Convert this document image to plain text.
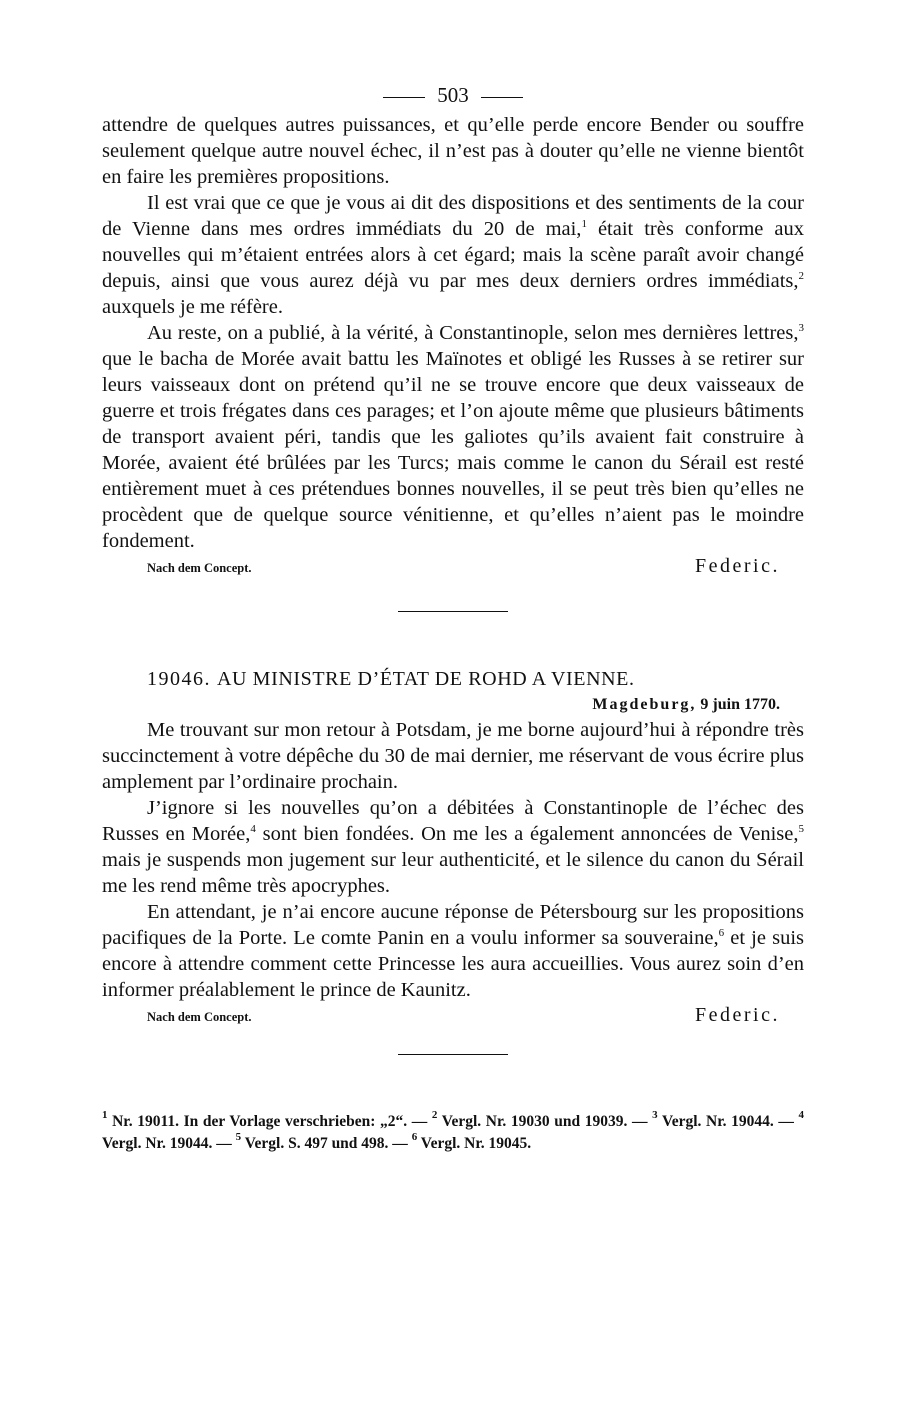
503

attendre de quelques autres puissances, et qu’elle perde encore Bender ou souffre seulement quelque autre nouvel échec, il n’est pas à douter qu’elle ne vienne bientôt en faire les premières propositions.

Il est vrai que ce que je vous ai dit des dispositions et des sentiments de la cour de Vienne dans mes ordres immédiats du 20 de mai,$^1$ était très conforme aux nouvelles qui m’étaient entrées alors à cet égard; mais la scène paraît avoir changé depuis, ainsi que vous aurez déjà vu par mes deux derniers ordres immédiats,$^2$ auxquels je me réfère.

Au reste, on a publié, à la vérité, à Constantinople, selon mes dernières lettres,$^3$ que le bacha de Morée avait battu les Maïnotes et obligé les Russes à se retirer sur leurs vaisseaux dont on prétend qu’il ne se trouve encore que deux vaisseaux de guerre et trois frégates dans ces parages; et l’on ajoute même que plusieurs bâtiments de transport avaient péri, tandis que les galiotes qu’ils avaient fait construire à Morée, avaient été brûlées par les Turcs; mais comme le canon du Sérail est resté entièrement muet à ces prétendues bonnes nouvelles, il se peut très bien qu’elles ne procèdent que de quelque source vénitienne, et qu’elles n’aient pas le moindre fondement.

Nach dem Concept.	Federic.
19046. AU MINISTRE D’ÉTAT DE ROHD A VIENNE.
Magdeburg, 9 juin 1770.

Me trouvant sur mon retour à Potsdam, je me borne aujourd’hui à répondre très succinctement à votre dépêche du 30 de mai dernier, me réservant de vous écrire plus amplement par l’ordinaire prochain.

J’ignore si les nouvelles qu’on a débitées à Constantinople de l’échec des Russes en Morée,$^4$ sont bien fondées. On me les a également annoncées de Venise,$^5$ mais je suspends mon jugement sur leur authenticité, et le silence du canon du Sérail me les rend même très apocryphes.

En attendant, je n’ai encore aucune réponse de Pétersbourg sur les propositions pacifiques de la Porte. Le comte Panin en a voulu informer sa souveraine,$^6$ et je suis encore à attendre comment cette Princesse les aura accueillies. Vous aurez soin d’en informer préalablement le prince de Kaunitz.

Nach dem Concept.	Federic.
$^1$ Nr. 19011. In der Vorlage verschrieben: „2“. — $^2$ Vergl. Nr. 19030 und 19039. — $^3$ Vergl. Nr. 19044. — $^4$ Vergl. Nr. 19044. — $^5$ Vergl. S. 497 und 498. — $^6$ Vergl. Nr. 19045.
